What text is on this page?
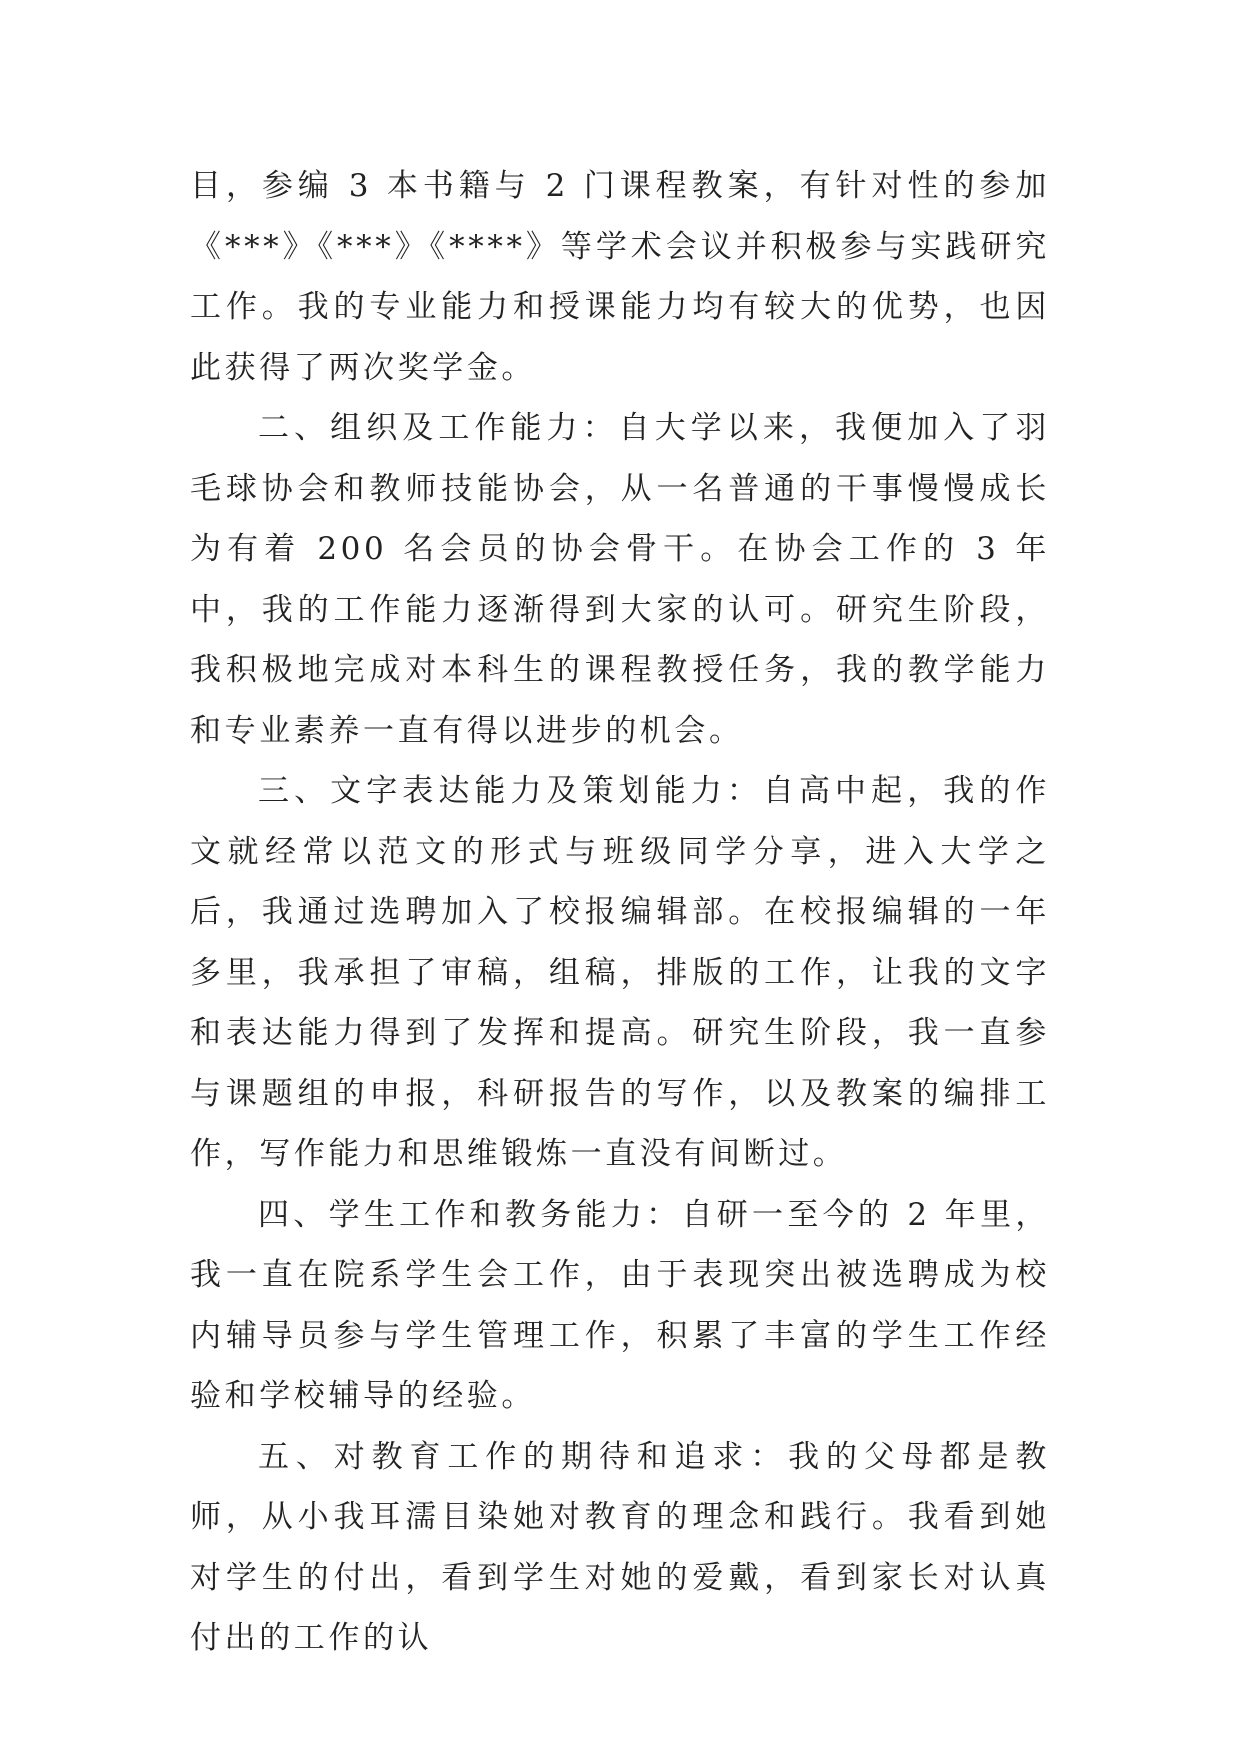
目，参编 3 本书籍与 2 门课程教案，有针对性的参加《***》《***》《****》等学术会议并积极参与实践研究工作。我的专业能力和授课能力均有较大的优势，也因此获得了两次奖学金。

二、组织及工作能力：自大学以来，我便加入了羽毛球协会和教师技能协会，从一名普通的干事慢慢成长为有着 200 名会员的协会骨干。在协会工作的 3 年中，我的工作能力逐渐得到大家的认可。研究生阶段，我积极地完成对本科生的课程教授任务，我的教学能力和专业素养一直有得以进步的机会。

三、文字表达能力及策划能力：自高中起，我的作文就经常以范文的形式与班级同学分享，进入大学之后，我通过选聘加入了校报编辑部。在校报编辑的一年多里，我承担了审稿，组稿，排版的工作，让我的文字和表达能力得到了发挥和提高。研究生阶段，我一直参与课题组的申报，科研报告的写作，以及教案的编排工作，写作能力和思维锻炼一直没有间断过。

四、学生工作和教务能力：自研一至今的 2 年里，我一直在院系学生会工作，由于表现突出被选聘成为校内辅导员参与学生管理工作，积累了丰富的学生工作经验和学校辅导的经验。

五、对教育工作的期待和追求：我的父母都是教师，从小我耳濡目染她对教育的理念和践行。我看到她对学生的付出，看到学生对她的爱戴，看到家长对认真付出的工作的认
